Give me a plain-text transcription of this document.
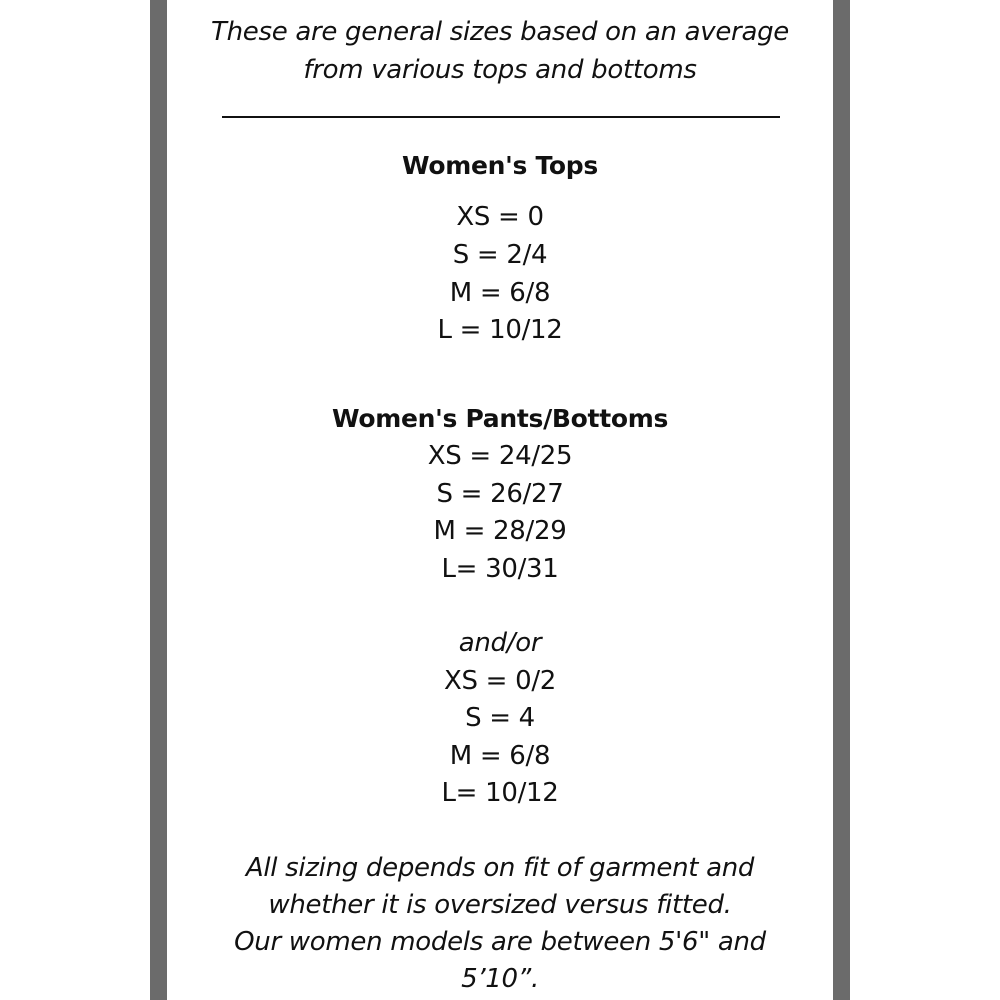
These are general sizes based on an average
from various tops and bottoms
Women's Tops
XS = 0
S = 2/4
M = 6/8
L = 10/12
Women's Pants/Bottoms
XS = 24/25
S = 26/27
M = 28/29
L= 30/31
and/or
XS = 0/2
S = 4
M = 6/8
L= 10/12
All sizing depends on fit of garment and
whether it is oversized versus fitted.
Our women models are between 5'6" and
5’10”.
